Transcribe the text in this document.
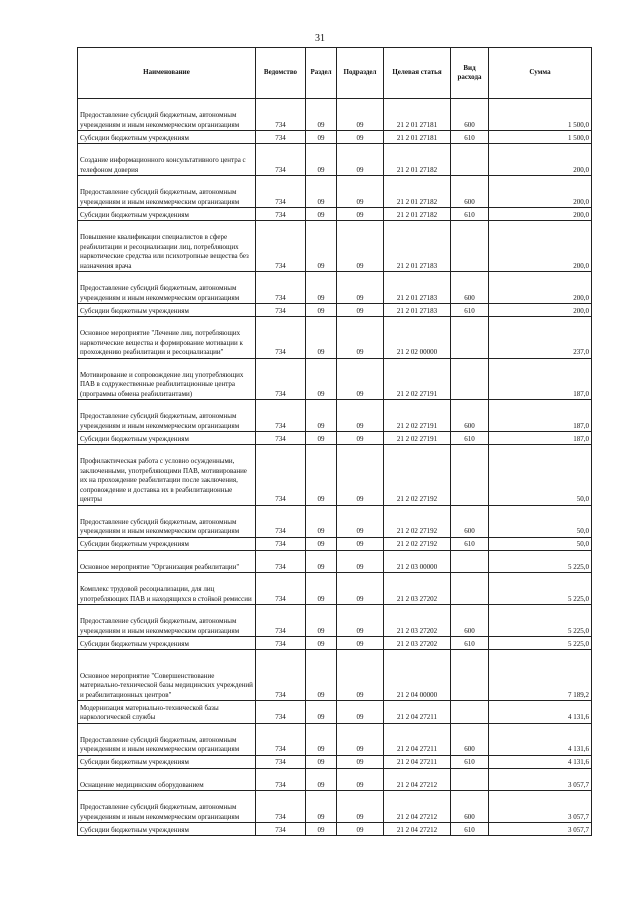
31
Наименование	Ведомство	Раздел	Подраздел	Целевая статья	Вид расхода	Сумма
Предоставление субсидий бюджетным, автономным учреждениям и иным некоммерческим организациям	734	09	09	21 2 01 27181	600	1 500,0
Субсидии бюджетным учреждениям	734	09	09	21 2 01 27181	610	1 500,0
Создание информационного консультативного центра с телефоном доверия	734	09	09	21 2 01 27182		200,0
Предоставление субсидий бюджетным, автономным учреждениям и иным некоммерческим организациям	734	09	09	21 2 01 27182	600	200,0
Субсидии бюджетным учреждениям	734	09	09	21 2 01 27182	610	200,0
Повышение квалификации специалистов в сфере реабилитации и ресоциализации лиц, потребляющих наркотические средства или психотропные вещества без назначения врача	734	09	09	21 2 01 27183		200,0
Предоставление субсидий бюджетным, автономным учреждениям и иным некоммерческим организациям	734	09	09	21 2 01 27183	600	200,0
Субсидии бюджетным учреждениям	734	09	09	21 2 01 27183	610	200,0
Основное мероприятие "Лечение лиц, потребляющих наркотические вещества и формирование мотивации к прохождению реабилитации и ресоциализации"	734	09	09	21 2 02 00000		237,0
Мотивирование и сопровождение лиц употребляющих ПАВ в содружественные реабилитационные центра (программы обмена реабилитантами)	734	09	09	21 2 02 27191		187,0
Предоставление субсидий бюджетным, автономным учреждениям и иным некоммерческим организациям	734	09	09	21 2 02 27191	600	187,0
Субсидии бюджетным учреждениям	734	09	09	21 2 02 27191	610	187,0
Профилактическая работа с условно осужденными, заключенными, употребляющими ПАВ, мотивирование их на прохождение реабилитации после заключения, сопровождение и доставка их в реабилитационные центры	734	09	09	21 2 02 27192		50,0
Предоставление субсидий бюджетным, автономным учреждениям и иным некоммерческим организациям	734	09	09	21 2 02 27192	600	50,0
Субсидии бюджетным учреждениям	734	09	09	21 2 02 27192	610	50,0
Основное мероприятие "Организация реабилитации"	734	09	09	21 2 03 00000		5 225,0
Комплекс трудовой ресоциализации, для лиц употребляющих ПАВ и находящихся в стойкой ремиссии	734	09	09	21 2 03 27202		5 225,0
Предоставление субсидий бюджетным, автономным учреждениям и иным некоммерческим организациям	734	09	09	21 2 03 27202	600	5 225,0
Субсидии бюджетным учреждениям	734	09	09	21 2 03 27202	610	5 225,0
Основное мероприятие "Совершенствование материально-технической базы медицинских учреждений и реабилитационных центров"	734	09	09	21 2 04 00000		7 189,2
Модернизация материально-технической базы наркологической службы	734	09	09	21 2 04 27211		4 131,6
Предоставление субсидий бюджетным, автономным учреждениям и иным некоммерческим организациям	734	09	09	21 2 04 27211	600	4 131,6
Субсидии бюджетным учреждениям	734	09	09	21 2 04 27211	610	4 131,6
Оснащение медицинским оборудованием	734	09	09	21 2 04 27212		3 057,7
Предоставление субсидий бюджетным, автономным учреждениям и иным некоммерческим организациям	734	09	09	21 2 04 27212	600	3 057,7
Субсидии бюджетным учреждениям	734	09	09	21 2 04 27212	610	3 057,7
